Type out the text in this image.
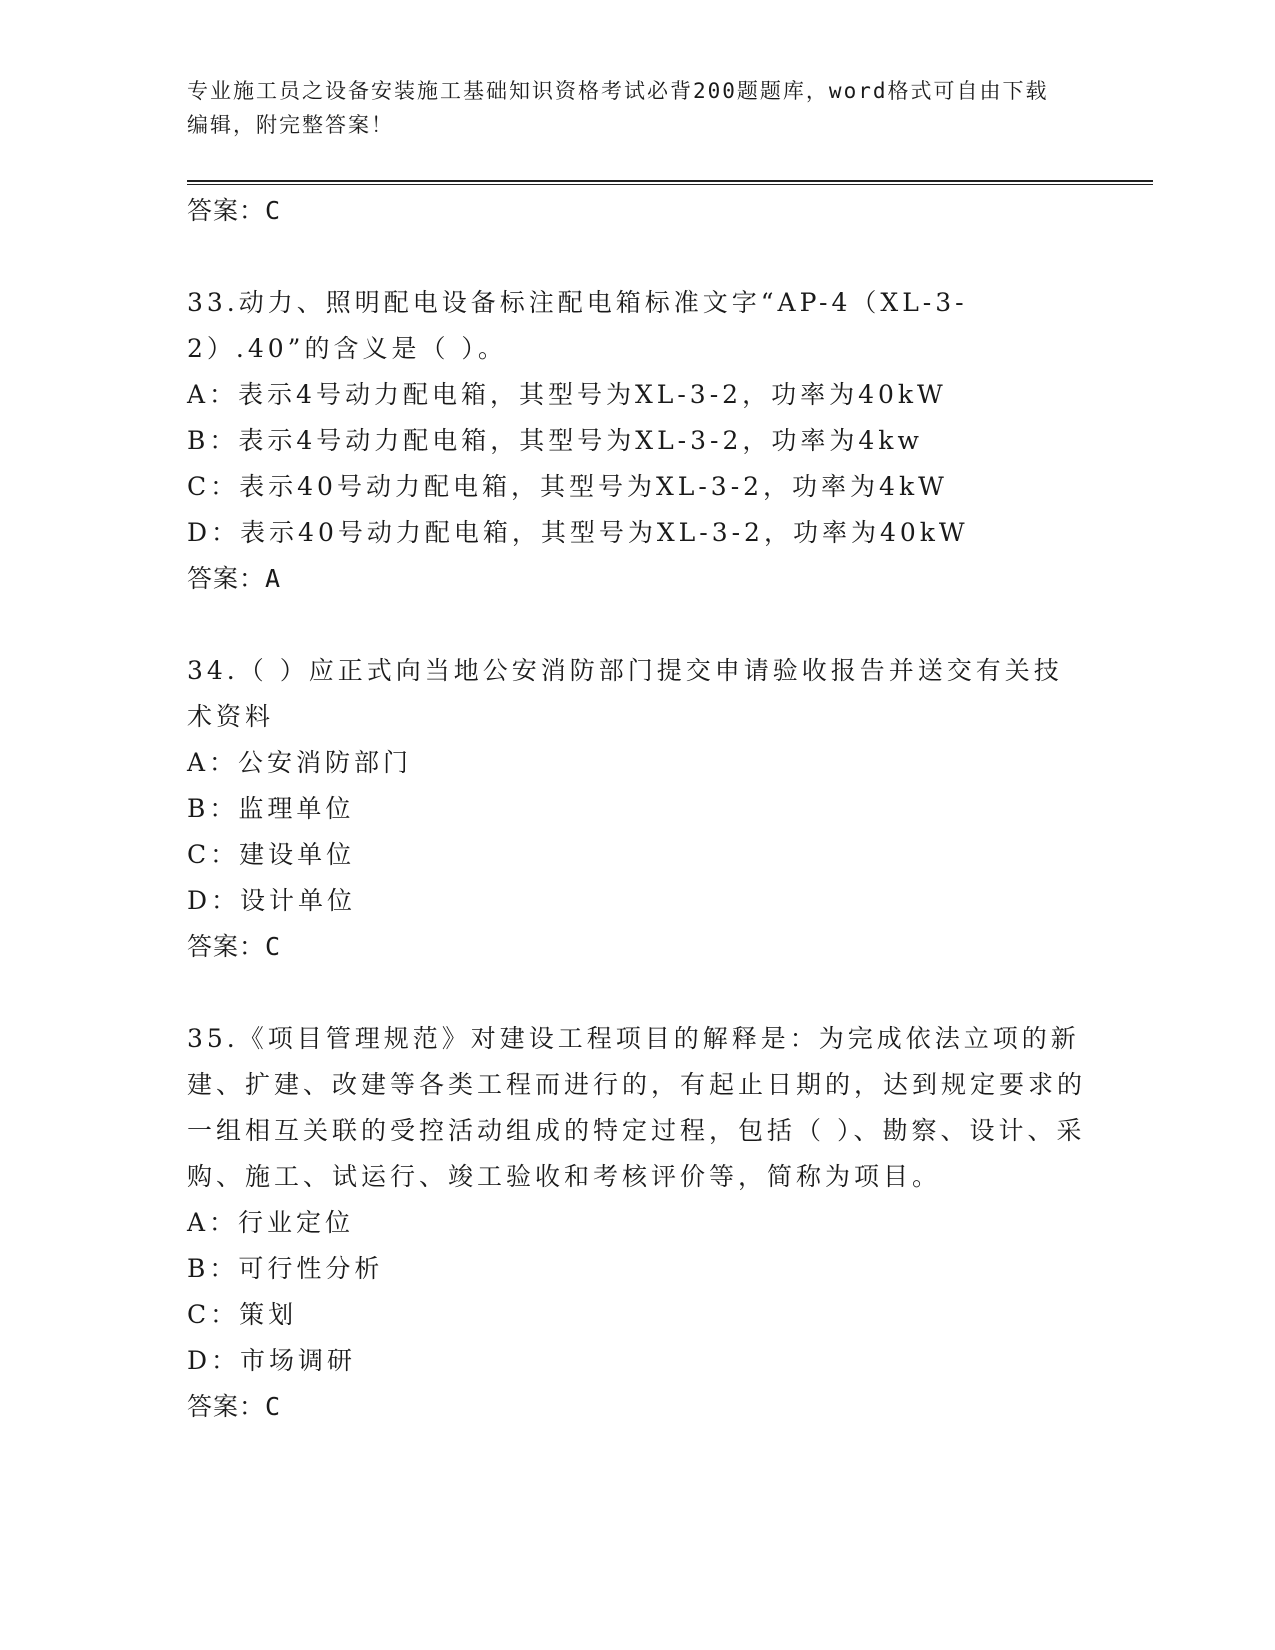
专业施工员之设备安装施工基础知识资格考试必背200题题库，word格式可自由下载编辑，附完整答案！
答案：C

33.动力、照明配电设备标注配电箱标准文字“AP-4（XL-3-2）.40”的含义是（ ）。

A：表示4号动力配电箱，其型号为XL-3-2，功率为40kW
B：表示4号动力配电箱，其型号为XL-3-2，功率为4kw
C：表示40号动力配电箱，其型号为XL-3-2，功率为4kW
D：表示40号动力配电箱，其型号为XL-3-2，功率为40kW
答案：A

34.（ ）应正式向当地公安消防部门提交申请验收报告并送交有关技术资料

A：公安消防部门
B：监理单位
C：建设单位
D：设计单位
答案：C

35.《项目管理规范》对建设工程项目的解释是：为完成依法立项的新建、扩建、改建等各类工程而进行的，有起止日期的，达到规定要求的一组相互关联的受控活动组成的特定过程，包括（ ）、勘察、设计、采购、施工、试运行、竣工验收和考核评价等，简称为项目。

A：行业定位
B：可行性分析
C：策划
D：市场调研
答案：C
